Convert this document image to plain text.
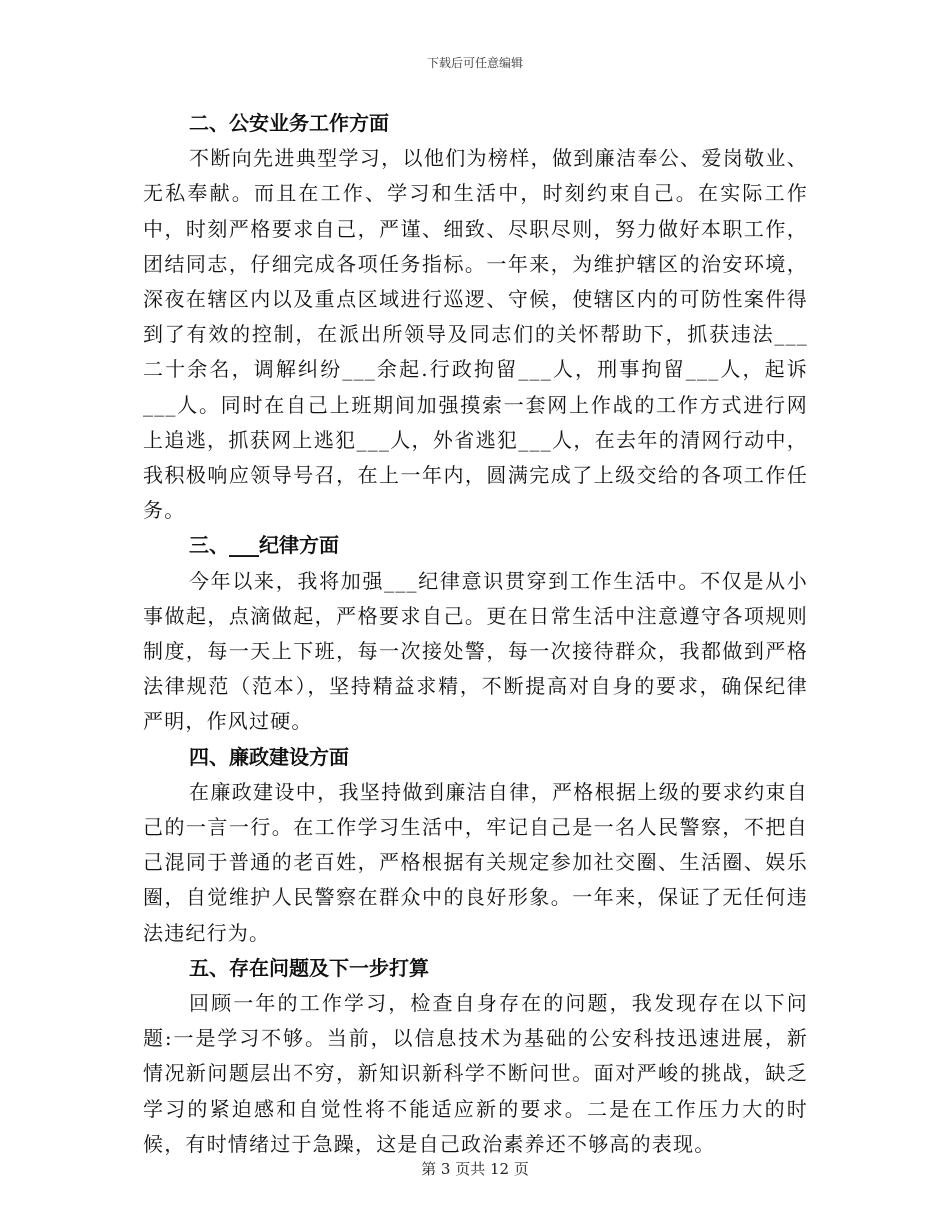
下载后可任意编辑
二、公安业务工作方面

不断向先进典型学习，以他们为榜样，做到廉洁奉公、爱岗敬业、无私奉献。而且在工作、学习和生活中，时刻约束自己。在实际工作中，时刻严格要求自己，严谨、细致、尽职尽则，努力做好本职工作，团结同志，仔细完成各项任务指标。一年来，为维护辖区的治安环境，深夜在辖区内以及重点区域进行巡逻、守候，使辖区内的可防性案件得到了有效的控制，在派出所领导及同志们的关怀帮助下，抓获违法___二十余名，调解纠纷___余起.行政拘留___人，刑事拘留___人，起诉___人。同时在自己上班期间加强摸索一套网上作战的工作方式进行网上追逃，抓获网上逃犯___人，外省逃犯___人，在去年的清网行动中，我积极响应领导号召，在上一年内，圆满完成了上级交给的各项工作任务。

三、___纪律方面

今年以来，我将加强___纪律意识贯穿到工作生活中。不仅是从小事做起，点滴做起，严格要求自己。更在日常生活中注意遵守各项规则制度，每一天上下班，每一次接处警，每一次接待群众，我都做到严格法律规范（范本），坚持精益求精，不断提高对自身的要求，确保纪律严明，作风过硬。

四、廉政建设方面

在廉政建设中，我坚持做到廉洁自律，严格根据上级的要求约束自己的一言一行。在工作学习生活中，牢记自己是一名人民警察，不把自己混同于普通的老百姓，严格根据有关规定参加社交圈、生活圈、娱乐圈，自觉维护人民警察在群众中的良好形象。一年来，保证了无任何违法违纪行为。

五、存在问题及下一步打算

回顾一年的工作学习，检查自身存在的问题，我发现存在以下问题:一是学习不够。当前，以信息技术为基础的公安科技迅速进展，新情况新问题层出不穷，新知识新科学不断问世。面对严峻的挑战，缺乏学习的紧迫感和自觉性将不能适应新的要求。二是在工作压力大的时候，有时情绪过于急躁，这是自己政治素养还不够高的表现。

第 3 页共 12 页
